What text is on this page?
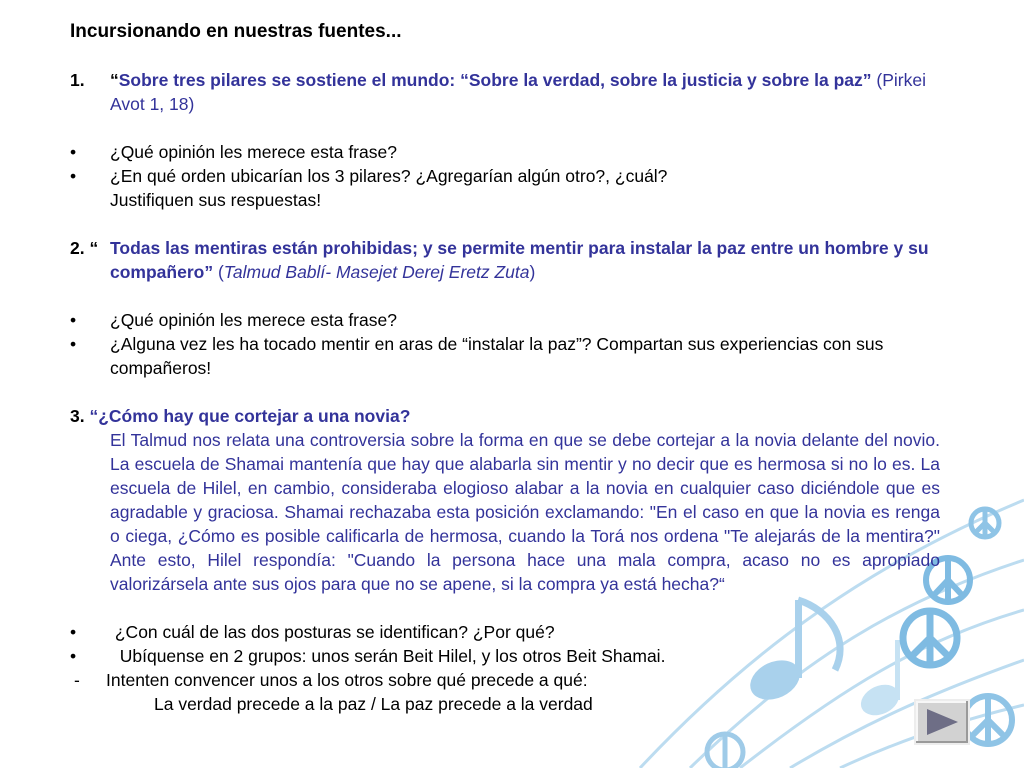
Incursionando en nuestras fuentes...
1. “Sobre tres pilares se sostiene el mundo: “Sobre la verdad, sobre la justicia y sobre la paz” (Pirkei Avot 1, 18)
• ¿Qué opinión les merece esta frase?
• ¿En qué orden ubicarían los 3 pilares? ¿Agregarían algún otro?, ¿cuál?
Justifiquen sus respuestas!
2. “ Todas las mentiras están prohibidas; y se permite mentir para instalar la paz entre un hombre y su compañero” (Talmud Bablí- Masejet Derej Eretz Zuta)
• ¿Qué opinión les merece esta frase?
• ¿Alguna vez les ha tocado mentir en aras de “instalar la paz”? Compartan sus experiencias con sus compañeros!
3. “¿Cómo hay que cortejar a una novia?
El Talmud nos relata una controversia sobre la forma en que se debe cortejar a la novia delante del novio. La escuela de Shamai mantenía que hay que alabarla sin mentir y no decir que es hermosa si no lo es. La escuela de Hilel, en cambio, consideraba elogioso alabar a la novia en cualquier caso diciéndole que es agradable y graciosa. Shamai rechazaba esta posición exclamando: "En el caso en que la novia es renga o ciega, ¿Cómo es posible calificarla de hermosa, cuando la Torá nos ordena "Te alejarás de la mentira?" Ante esto, Hilel respondía: "Cuando la persona hace una mala compra, acaso no es apropiado valorizársela ante sus ojos para que no se apene, si la compra ya está hecha?“
• ¿Con cuál de las dos posturas se identifican? ¿Por qué?
• Ubíquense en 2 grupos: unos serán Beit Hilel, y los otros Beit Shamai.
- Intenten convencer unos a los otros sobre qué precede a qué:
La verdad precede a la paz / La paz precede a la verdad
